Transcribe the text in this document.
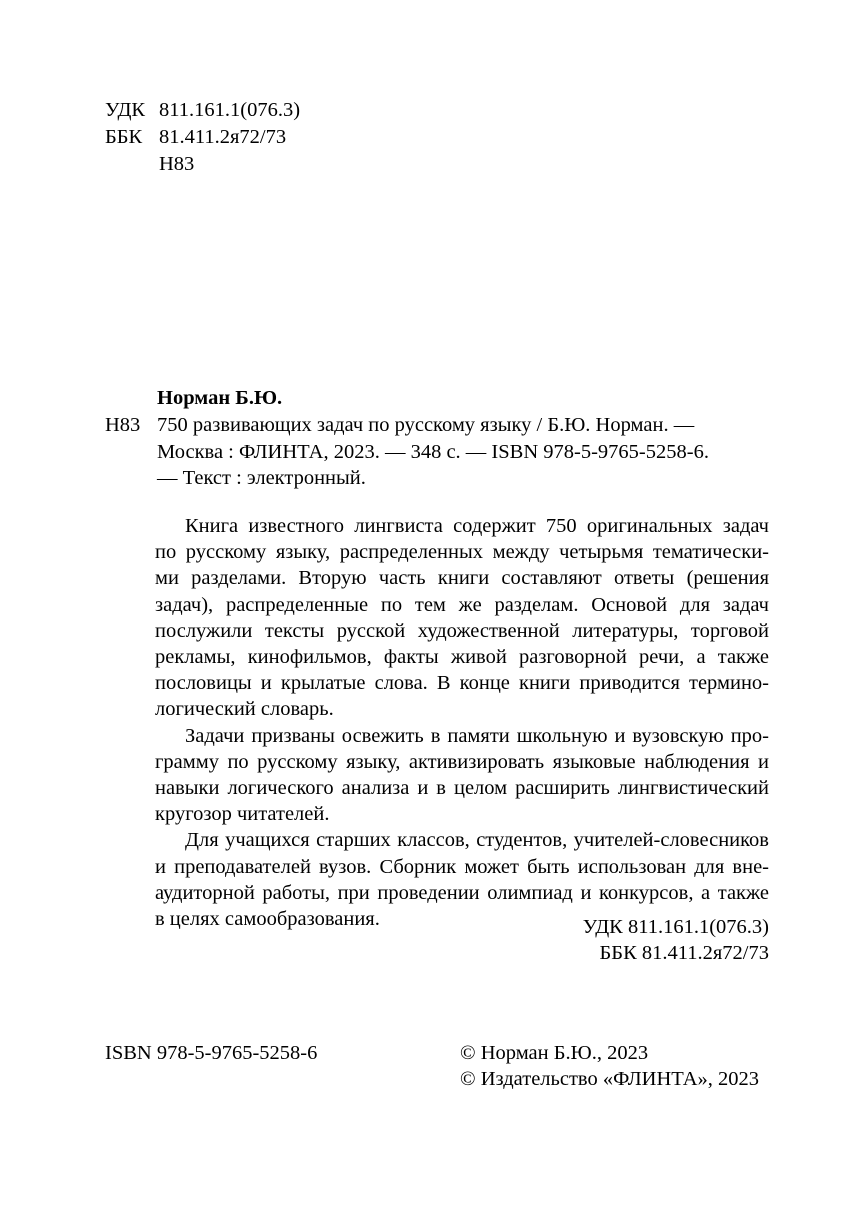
УДК 811.161.1(076.3)
ББК 81.411.2я72/73
Н83
Норман Б.Ю.
Н83 750 развивающих задач по русскому языку / Б.Ю. Норман. —
Москва : ФЛИНТА, 2023. — 348 с. — ISBN 978-5-9765-5258-6.
— Текст : электронный.

Книга известного лингвиста содержит 750 оригинальных задач
по русскому языку, распределенных между четырьмя тематически-
ми разделами. Вторую часть книги составляют ответы (решения
задач), распределенные по тем же разделам. Основой для задач
послужили тексты русской художественной литературы, торговой
рекламы, кинофильмов, факты живой разговорной речи, а также
пословицы и крылатые слова. В конце книги приводится термино-
логический словарь.

Задачи призваны освежить в памяти школьную и вузовскую про-
грамму по русскому языку, активизировать языковые наблюдения и
навыки логического анализа и в целом расширить лингвистический
кругозор читателей.

Для учащихся старших классов, студентов, учителей-словесников
и преподавателей вузов. Сборник может быть использован для вне-
аудиторной работы, при проведении олимпиад и конкурсов, а также
в целях самообразования.	УДК 811.161.1(076.3)
ББК 81.411.2я72/73
ISBN 978-5-9765-5258-6	© Норман Б.Ю., 2023
© Издательство «ФЛИНТА», 2023
